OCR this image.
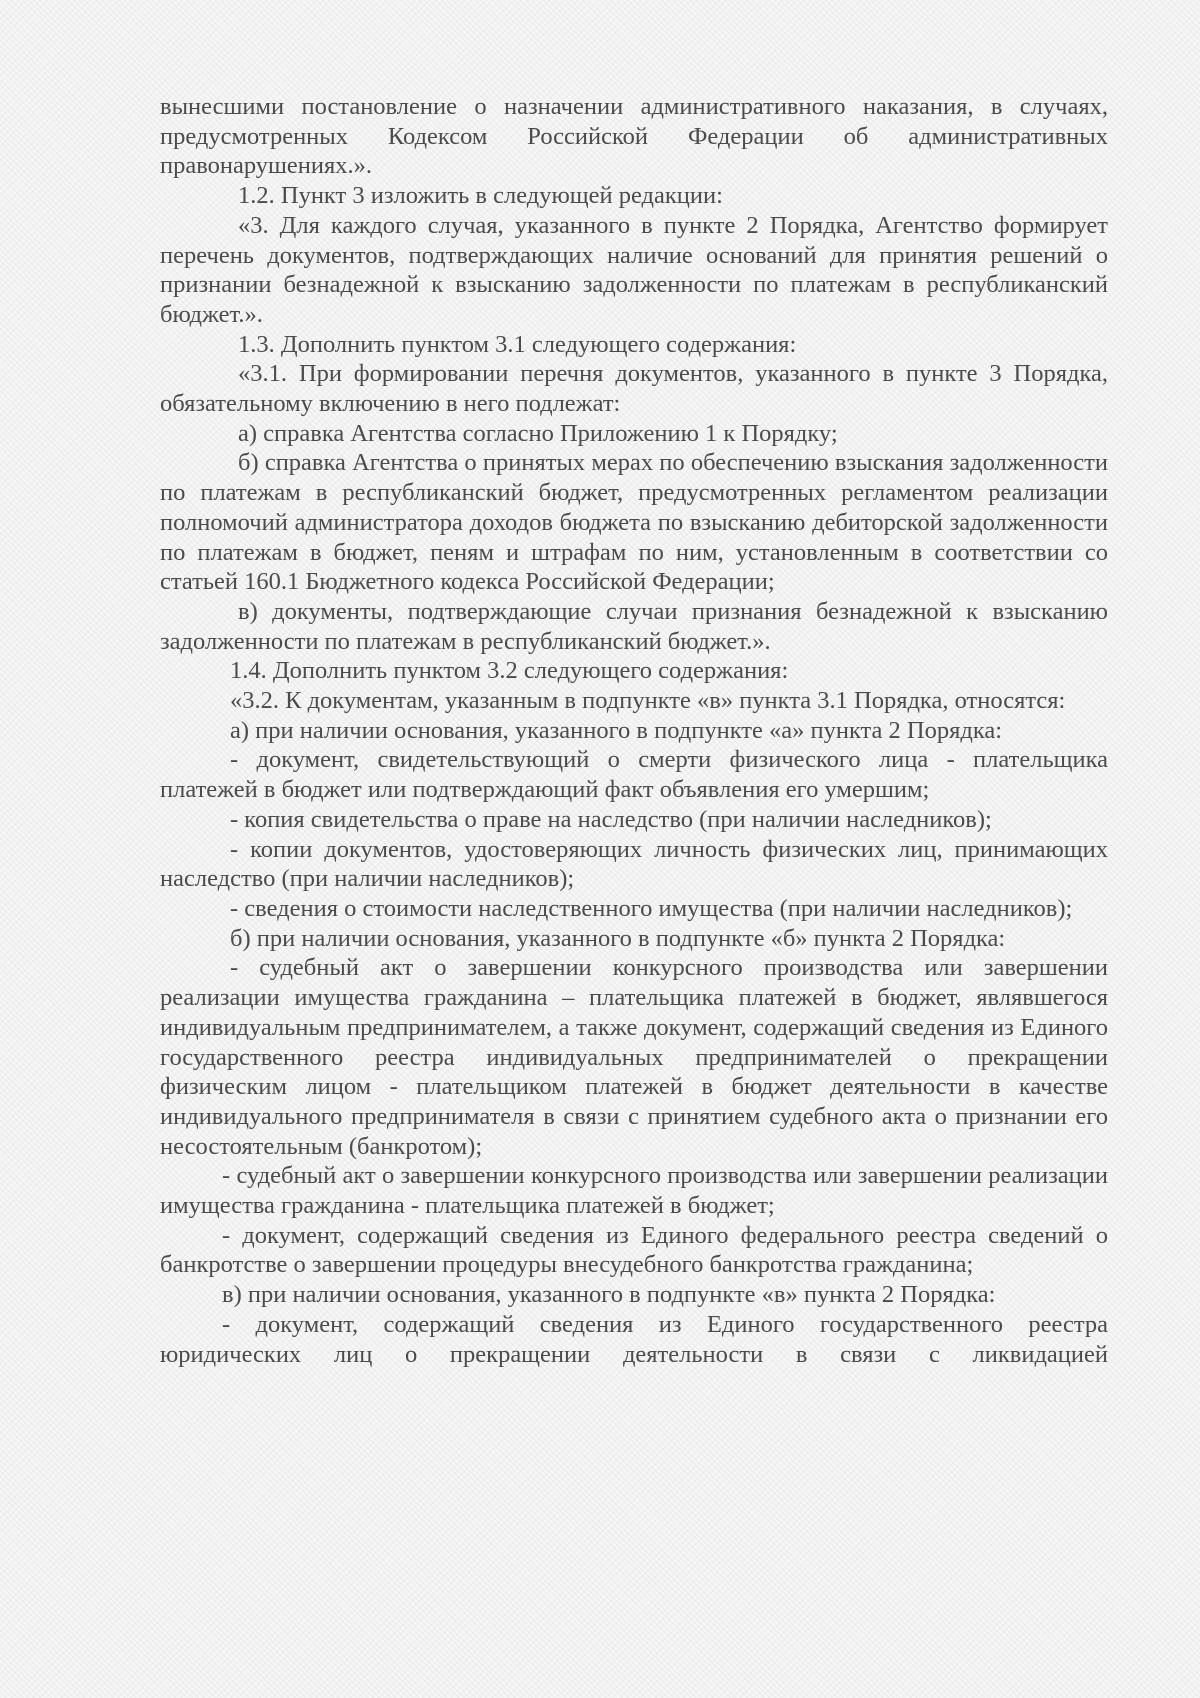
вынесшими постановление о назначении административного наказания, в случаях, предусмотренных Кодексом Российской Федерации об административных правонарушениях.».

1.2. Пункт 3 изложить в следующей редакции:

«3. Для каждого случая, указанного в пункте 2 Порядка, Агентство формирует перечень документов, подтверждающих наличие оснований для принятия решений о признании безнадежной к взысканию задолженности по платежам в республиканский бюджет.».

1.3. Дополнить пунктом 3.1 следующего содержания:

«3.1. При формировании перечня документов, указанного в пункте 3 Порядка, обязательному включению в него подлежат:

а) справка Агентства согласно Приложению 1 к Порядку;

б) справка Агентства о принятых мерах по обеспечению взыскания задолженности по платежам в республиканский бюджет, предусмотренных регламентом реализации полномочий администратора доходов бюджета по взысканию дебиторской задолженности по платежам в бюджет, пеням и штрафам по ним, установленным в соответствии со статьей 160.1 Бюджетного кодекса Российской Федерации;

в) документы, подтверждающие случаи признания безнадежной к взысканию задолженности по платежам в республиканский бюджет.».

1.4. Дополнить пунктом 3.2 следующего содержания:

«3.2. К документам, указанным в подпункте «в» пункта 3.1 Порядка, относятся:

а) при наличии основания, указанного в подпункте «а» пункта 2 Порядка:

- документ, свидетельствующий о смерти физического лица - плательщика платежей в бюджет или подтверждающий факт объявления его умершим;

- копия свидетельства о праве на наследство (при наличии наследников);

- копии документов, удостоверяющих личность физических лиц, принимающих наследство (при наличии наследников);

- сведения о стоимости наследственного имущества (при наличии наследников);

б) при наличии основания, указанного в подпункте «б» пункта 2 Порядка:

- судебный акт о завершении конкурсного производства или завершении реализации имущества гражданина – плательщика платежей в бюджет, являвшегося индивидуальным предпринимателем, а также документ, содержащий сведения из Единого государственного реестра индивидуальных предпринимателей о прекращении физическим лицом - плательщиком платежей в бюджет деятельности в качестве индивидуального предпринимателя в связи с принятием судебного акта о признании его несостоятельным (банкротом);

- судебный акт о завершении конкурсного производства или завершении реализации имущества гражданина - плательщика платежей в бюджет;

- документ, содержащий сведения из Единого федерального реестра сведений о банкротстве о завершении процедуры внесудебного банкротства гражданина;

в) при наличии основания, указанного в подпункте «в» пункта 2 Порядка:

- документ, содержащий сведения из Единого государственного реестра юридических лиц о прекращении деятельности в связи с ликвидацией
